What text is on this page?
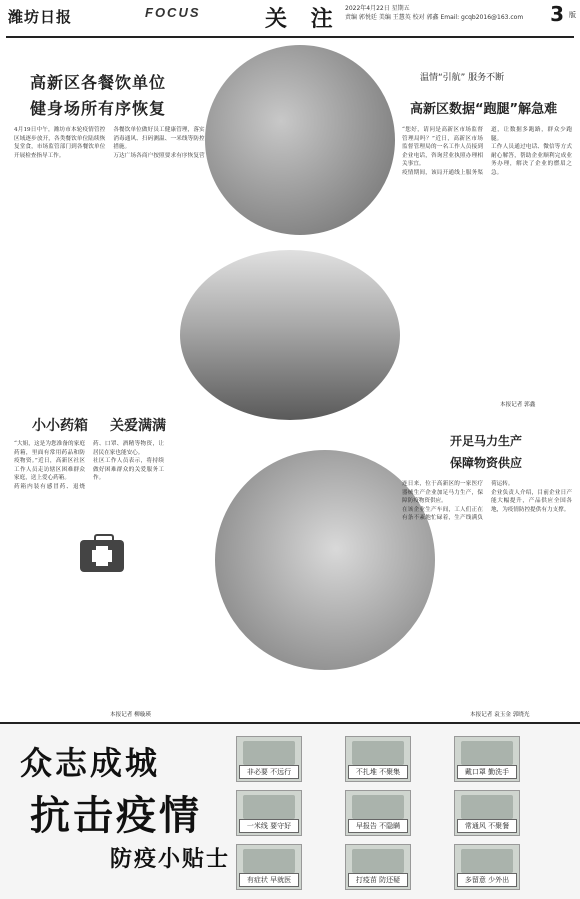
潍坊日报	FOCUS	关 注 2022年4月22日 星期五
责编 郭悦廷 美编 王慧英 校对 郭鑫 Email: gcqb2016@163.com 3 版
高新区各餐饮单位
健身场所有序恢复
4月19日中午，潍坊市本轮疫情管控区域逐步放开，各类餐饮单位陆续恢复堂食，市场监管部门到各餐饮单位开展检查指导工作。
各餐饮单位做好员工健康管理，落实消毒通风、扫码测温、一米线等防控措施。
万达广场各商户按照要求有序恢复营
温情“引航” 服务不断
高新区数据“跑腿”解急难
“您好，请问是高新区市场监督管理局吗？”近日，高新区市场监督管理局的一名工作人员接到企业电话，咨询营业执照办理相关事宜。
疫情期间，该局开通线上服务渠道，让数据多跑路，群众少跑腿。
工作人员通过电话、微信等方式耐心解答，帮助企业顺利完成业务办理，解决了企业的燃眉之急。
本报记者 郭鑫
小小药箱 关爱满满
“大姐，这是为您准备的家庭药箱，里面有常用药品和防疫物资。”近日，高新区社区工作人员走访辖区困难群众家庭，送上爱心药箱。
药箱内装有感冒药、退烧药、口罩、酒精等物资，让居民在家也能安心。
社区工作人员表示，将持续做好困难群众的关爱服务工作。
本报记者 柳璇瑛
开足马力生产
保障物资供应
连日来，位于高新区的一家医疗器械生产企业加足马力生产，保障防疫物资供应。
在该企业生产车间，工人们正在有条不紊地忙碌着，生产线满负荷运转。
企业负责人介绍，目前企业日产能大幅提升，产品供应全国各地，为疫情防控提供有力支撑。
本报记者 袁玉金 郭晓光
众志成城
抗击疫情
防疫小贴士
非必要 不远行	不扎堆 不聚集	戴口罩 勤洗手
一米线 要守好	早报告 不隐瞒	常通风 不聚餐
有症状 早就医	打疫苗 防还疑	多留意 少外出
